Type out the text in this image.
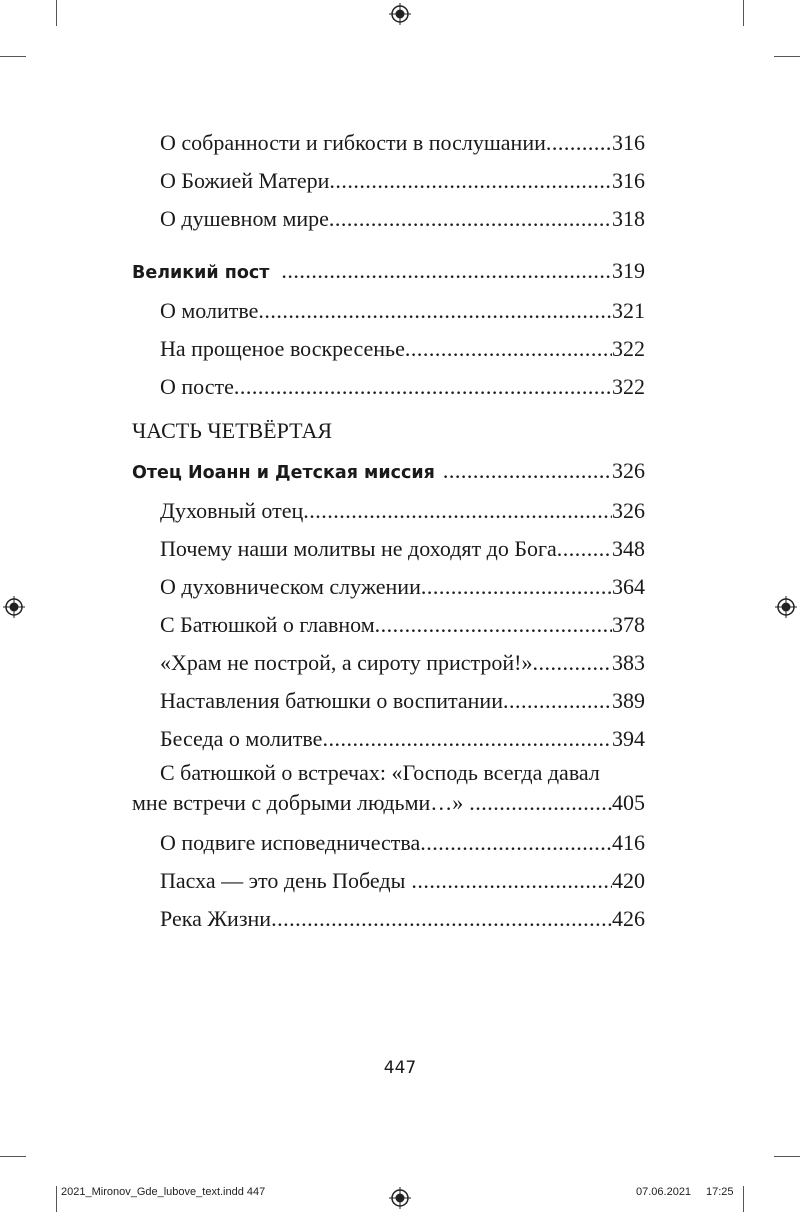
О собранности и гибкости в послушании .....	316
О Божией Матери .....	316
О душевном мире .....	318
Великий пост .....	319
О молитве .....	321
На прощеное воскресенье .....	322
О посте .....	322
ЧАСТЬ ЧЕТВЁРТАЯ
Отец Иоанн и Детская миссия .....	326
Духовный отец .....	326
Почему наши молитвы не доходят до Бога .....	348
О духовническом служении .....	364
С Батюшкой о главном .....	378
«Храм не построй, а сироту пристрой!» .....	383
Наставления батюшки о воспитании .....	389
Беседа о молитве .....	394
С батюшкой о встречах: «Господь всегда давал
мне встречи с добрыми людьми…» .....	405
О подвиге исповедничества .....	416
Пасха — это день Победы .....	420
Река Жизни .....	426
447
2021_Mironov_Gde_lubove_text.indd 447	07.06.2021 17:25
